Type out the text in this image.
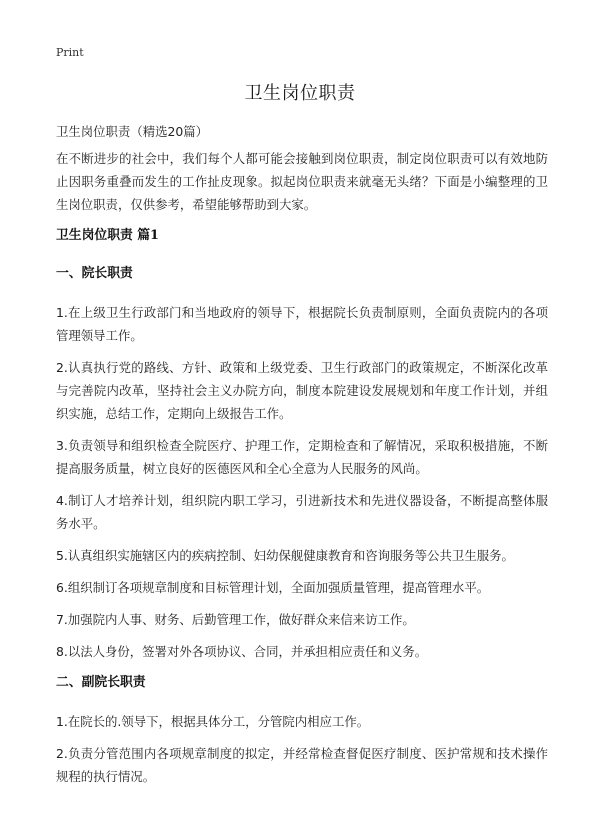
Print
卫生岗位职责

卫生岗位职责（精选20篇）

在不断进步的社会中，我们每个人都可能会接触到岗位职责，制定岗位职责可以有效地防止因职务重叠而发生的工作扯皮现象。拟起岗位职责来就毫无头绪？下面是小编整理的卫生岗位职责，仅供参考，希望能够帮助到大家。

卫生岗位职责 篇1
一、院长职责

1.在上级卫生行政部门和当地政府的领导下，根据院长负责制原则，全面负责院内的各项管理领导工作。

2.认真执行党的路线、方针、政策和上级党委、卫生行政部门的政策规定，不断深化改革与完善院内改革，坚持社会主义办院方向，制度本院建设发展规划和年度工作计划，并组织实施，总结工作，定期向上级报告工作。

3.负责领导和组织检查全院医疗、护理工作，定期检查和了解情况，采取积极措施，不断提高服务质量，树立良好的医德医风和全心全意为人民服务的风尚。

4.制订人才培养计划，组织院内职工学习，引进新技术和先进仪器设备，不断提高整体服务水平。

5.认真组织实施辖区内的疾病控制、妇幼保舰健康教育和咨询服务等公共卫生服务。

6.组织制订各项规章制度和目标管理计划，全面加强质量管理，提高管理水平。

7.加强院内人事、财务、后勤管理工作，做好群众来信来访工作。

8.以法人身份，签署对外各项协议、合同，并承担相应责任和义务。

二、副院长职责

1.在院长的.领导下，根据具体分工，分管院内相应工作。

2.负责分管范围内各项规章制度的拟定，并经常检查督促医疗制度、医护常规和技术操作规程的执行情况。
